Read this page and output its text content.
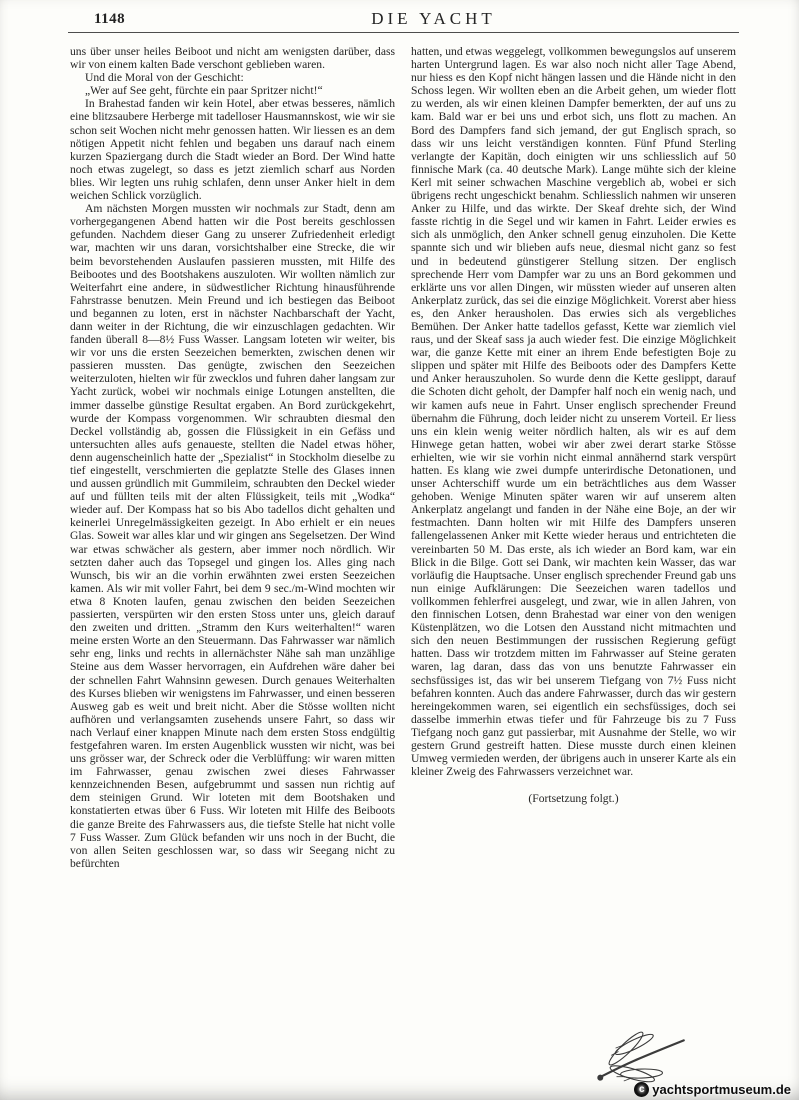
1148	DIE YACHT

uns über unser heiles Beiboot und nicht am wenigsten darüber, dass wir von einem kalten Bade verschont geblieben waren.

Und die Moral von der Geschicht:

„Wer auf See geht, fürchte ein paar Spritzer nicht!“

In Brahestad fanden wir kein Hotel, aber etwas besseres, nämlich eine blitzsaubere Herberge mit tadelloser Hausmannskost, wie wir sie schon seit Wochen nicht mehr genossen hatten. Wir liessen es an dem nötigen Appetit nicht fehlen und begaben uns darauf nach einem kurzen Spaziergang durch die Stadt wieder an Bord. Der Wind hatte noch etwas zugelegt, so dass es jetzt ziemlich scharf aus Norden blies. Wir legten uns ruhig schlafen, denn unser Anker hielt in dem weichen Schlick vorzüglich.

Am nächsten Morgen mussten wir nochmals zur Stadt, denn am vorhergegangenen Abend hatten wir die Post bereits geschlossen gefunden. Nachdem dieser Gang zu unserer Zufriedenheit erledigt war, machten wir uns daran, vorsichtshalber eine Strecke, die wir beim bevorstehenden Auslaufen passieren mussten, mit Hilfe des Beibootes und des Bootshakens auszuloten. Wir wollten nämlich zur Weiterfahrt eine andere, in südwestlicher Richtung hinausführende Fahrstrasse benutzen. Mein Freund und ich bestiegen das Beiboot und begannen zu loten, erst in nächster Nachbarschaft der Yacht, dann weiter in der Richtung, die wir einzuschlagen gedachten. Wir fanden überall 8—8½ Fuss Wasser. Langsam loteten wir weiter, bis wir vor uns die ersten Seezeichen bemerkten, zwischen denen wir passieren mussten. Das genügte, zwischen den Seezeichen weiterzuloten, hielten wir für zwecklos und fuhren daher langsam zur Yacht zurück, wobei wir nochmals einige Lotungen anstellten, die immer dasselbe günstige Resultat ergaben. An Bord zurückgekehrt, wurde der Kompass vorgenommen. Wir schraubten diesmal den Deckel vollständig ab, gossen die Flüssigkeit in ein Gefäss und untersuchten alles aufs genaueste, stellten die Nadel etwas höher, denn augenscheinlich hatte der „Spezialist“ in Stockholm dieselbe zu tief eingestellt, verschmierten die geplatzte Stelle des Glases innen und aussen gründlich mit Gummileim, schraubten den Deckel wieder auf und füllten teils mit der alten Flüssigkeit, teils mit „Wodka“ wieder auf. Der Kompass hat so bis Abo tadellos dicht gehalten und keinerlei Unregelmässigkeiten gezeigt. In Abo erhielt er ein neues Glas. Soweit war alles klar und wir gingen ans Segelsetzen. Der Wind war etwas schwächer als gestern, aber immer noch nördlich. Wir setzten daher auch das Topsegel und gingen los. Alles ging nach Wunsch, bis wir an die vorhin erwähnten zwei ersten Seezeichen kamen. Als wir mit voller Fahrt, bei dem 9 sec./m-Wind mochten wir etwa 8 Knoten laufen, genau zwischen den beiden Seezeichen passierten, verspürten wir den ersten Stoss unter uns, gleich darauf den zweiten und dritten. „Stramm den Kurs weiterhalten!“ waren meine ersten Worte an den Steuermann. Das Fahrwasser war nämlich sehr eng, links und rechts in allernächster Nähe sah man unzählige Steine aus dem Wasser hervorragen, ein Aufdrehen wäre daher bei der schnellen Fahrt Wahnsinn gewesen. Durch genaues Weiterhalten des Kurses blieben wir wenigstens im Fahrwasser, und einen besseren Ausweg gab es weit und breit nicht. Aber die Stösse wollten nicht aufhören und verlangsamten zusehends unsere Fahrt, so dass wir nach Verlauf einer knappen Minute nach dem ersten Stoss endgültig festgefahren waren. Im ersten Augenblick wussten wir nicht, was bei uns grösser war, der Schreck oder die Verblüffung: wir waren mitten im Fahrwasser, genau zwischen zwei dieses Fahrwasser kennzeichnenden Besen, aufgebrummt und sassen nun richtig auf dem steinigen Grund. Wir loteten mit dem Bootshaken und konstatierten etwas über 6 Fuss. Wir loteten mit Hilfe des Beiboots die ganze Breite des Fahrwassers aus, die tiefste Stelle hat nicht volle 7 Fuss Wasser. Zum Glück befanden wir uns noch in der Bucht, die von allen Seiten geschlossen war, so dass wir Seegang nicht zu befürchten

hatten, und etwas weggelegt, vollkommen bewegungslos auf unserem harten Untergrund lagen. Es war also noch nicht aller Tage Abend, nur hiess es den Kopf nicht hängen lassen und die Hände nicht in den Schoss legen. Wir wollten eben an die Arbeit gehen, um wieder flott zu werden, als wir einen kleinen Dampfer bemerkten, der auf uns zu kam. Bald war er bei uns und erbot sich, uns flott zu machen. An Bord des Dampfers fand sich jemand, der gut Englisch sprach, so dass wir uns leicht verständigen konnten. Fünf Pfund Sterling verlangte der Kapitän, doch einigten wir uns schliesslich auf 50 finnische Mark (ca. 40 deutsche Mark). Lange mühte sich der kleine Kerl mit seiner schwachen Maschine vergeblich ab, wobei er sich übrigens recht ungeschickt benahm. Schliesslich nahmen wir unseren Anker zu Hilfe, und das wirkte. Der Skeaf drehte sich, der Wind fasste richtig in die Segel und wir kamen in Fahrt. Leider erwies es sich als unmöglich, den Anker schnell genug einzuholen. Die Kette spannte sich und wir blieben aufs neue, diesmal nicht ganz so fest und in bedeutend günstigerer Stellung sitzen. Der englisch sprechende Herr vom Dampfer war zu uns an Bord gekommen und erklärte uns vor allen Dingen, wir müssten wieder auf unseren alten Ankerplatz zurück, das sei die einzige Möglichkeit. Vorerst aber hiess es, den Anker herausholen. Das erwies sich als vergebliches Bemühen. Der Anker hatte tadellos gefasst, Kette war ziemlich viel raus, und der Skeaf sass ja auch wieder fest. Die einzige Möglichkeit war, die ganze Kette mit einer an ihrem Ende befestigten Boje zu slippen und später mit Hilfe des Beiboots oder des Dampfers Kette und Anker herauszuholen. So wurde denn die Kette geslippt, darauf die Schoten dicht geholt, der Dampfer half noch ein wenig nach, und wir kamen aufs neue in Fahrt. Unser englisch sprechender Freund übernahm die Führung, doch leider nicht zu unserem Vorteil. Er liess uns ein klein wenig weiter nördlich halten, als wir es auf dem Hinwege getan hatten, wobei wir aber zwei derart starke Stösse erhielten, wie wir sie vorhin nicht einmal annähernd stark verspürt hatten. Es klang wie zwei dumpfe unterirdische Detonationen, und unser Achterschiff wurde um ein beträchtliches aus dem Wasser gehoben. Wenige Minuten später waren wir auf unserem alten Ankerplatz angelangt und fanden in der Nähe eine Boje, an der wir festmachten. Dann holten wir mit Hilfe des Dampfers unseren fallengelassenen Anker mit Kette wieder heraus und entrichteten die vereinbarten 50 M. Das erste, als ich wieder an Bord kam, war ein Blick in die Bilge. Gott sei Dank, wir machten kein Wasser, das war vorläufig die Hauptsache. Unser englisch sprechender Freund gab uns nun einige Aufklärungen: Die Seezeichen waren tadellos und vollkommen fehlerfrei ausgelegt, und zwar, wie in allen Jahren, von den finnischen Lotsen, denn Brahestad war einer von den wenigen Küstenplätzen, wo die Lotsen den Ausstand nicht mitmachten und sich den neuen Bestimmungen der russischen Regierung gefügt hatten. Dass wir trotzdem mitten im Fahrwasser auf Steine geraten waren, lag daran, dass das von uns benutzte Fahrwasser ein sechsfüssiges ist, das wir bei unserem Tiefgang von 7½ Fuss nicht befahren konnten. Auch das andere Fahrwasser, durch das wir gestern hereingekommen waren, sei eigentlich ein sechsfüssiges, doch sei dasselbe immerhin etwas tiefer und für Fahrzeuge bis zu 7 Fuss Tiefgang noch ganz gut passierbar, mit Ausnahme der Stelle, wo wir gestern Grund gestreift hatten. Diese musste durch einen kleinen Umweg vermieden werden, der übrigens auch in unserer Karte als ein kleiner Zweig des Fahrwassers verzeichnet war.

(Fortsetzung folgt.)

c yachtsportmuseum.de
